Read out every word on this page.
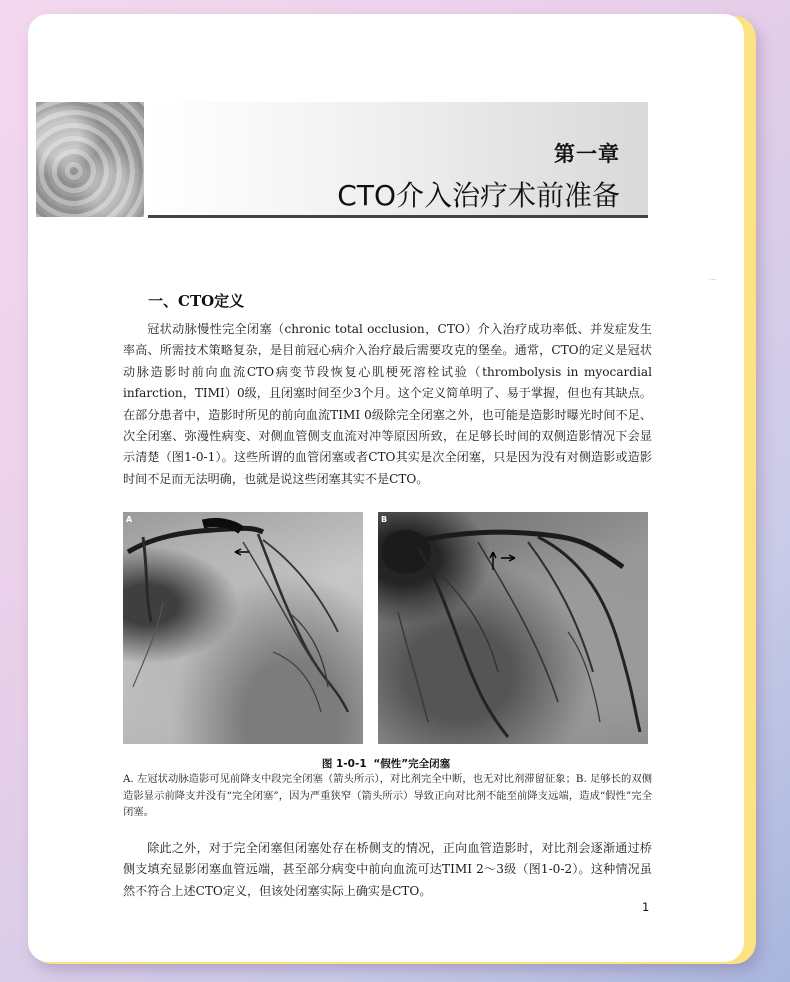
第一章
CTO介入治疗术前准备
···
一、CTO定义

冠状动脉慢性完全闭塞（chronic total occlusion，CTO）介入治疗成功率低、并发症发生率高、所需技术策略复杂，是目前冠心病介入治疗最后需要攻克的堡垒。通常，CTO的定义是冠状动脉造影时前向血流CTO病变节段恢复心肌梗死溶栓试验（thrombolysis in myocardial infarction，TIMI）0级，且闭塞时间至少3个月。这个定义简单明了、易于掌握，但也有其缺点。在部分患者中，造影时所见的前向血流TIMI 0级除完全闭塞之外，也可能是造影时曝光时间不足、次全闭塞、弥漫性病变、对侧血管侧支血流对冲等原因所致，在足够长时间的双侧造影情况下会显示清楚（图1-0-1）。这些所谓的血管闭塞或者CTO其实是次全闭塞，只是因为没有对侧造影或造影时间不足而无法明确，也就是说这些闭塞其实不是CTO。

A	B
图 1-0-1 “假性”完全闭塞

A. 左冠状动脉造影可见前降支中段完全闭塞（箭头所示），对比剂完全中断，也无对比剂滞留征象；B. 足够长的双侧造影显示前降支并没有“完全闭塞”，因为严重狭窄（箭头所示）导致正向对比剂不能至前降支远端，造成“假性”完全闭塞。

除此之外，对于完全闭塞但闭塞处存在桥侧支的情况，正向血管造影时，对比剂会逐渐通过桥侧支填充显影闭塞血管远端，甚至部分病变中前向血流可达TIMI 2～3级（图1-0-2）。这种情况虽然不符合上述CTO定义，但该处闭塞实际上确实是CTO。

1
